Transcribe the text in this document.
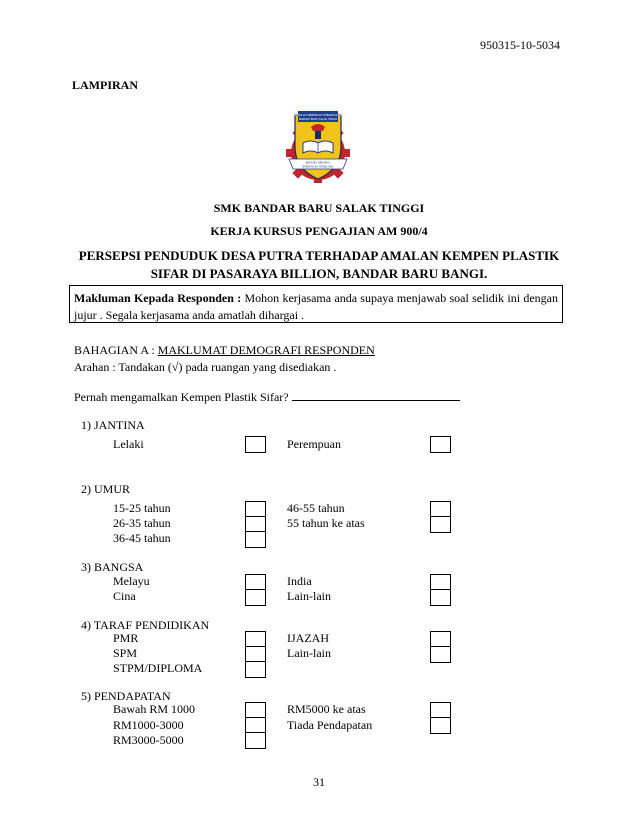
950315-10-5034
LAMPIRAN
SEKOLAH MENENGAH KEBANGSAAN
BANDAR BARU SALAK TINGGI
BERILMU BERAMAL
BERAKHLAK TERBILANG
SMK BANDAR BARU SALAK TINGGI
KERJA KURSUS PENGAJIAN AM 900/4
PERSEPSI PENDUDUK DESA PUTRA TERHADAP AMALAN KEMPEN PLASTIK
SIFAR DI PASARAYA BILLION, BANDAR BARU BANGI.
Makluman Kepada Responden : Mohon kerjasama anda supaya menjawab soal selidik ini dengan jujur . Segala kerjasama anda amatlah dihargai .
BAHAGIAN A : MAKLUMAT DEMOGRAFI RESPONDEN
Arahan : Tandakan (√) pada ruangan yang disediakan .
Pernah mengamalkan Kempen Plastik Sifar?
1) JANTINA
Lelaki	Perempuan
2) UMUR
15-25 tahun
26-35 tahun
36-45 tahun
46-55 tahun
55 tahun ke atas
3) BANGSA
Melayu
Cina
India
Lain-lain
4) TARAF PENDIDIKAN
PMR
SPM
STPM/DIPLOMA
IJAZAH
Lain-lain
5) PENDAPATAN
Bawah RM 1000
RM1000-3000
RM3000-5000
RM5000 ke atas
Tiada Pendapatan
31
